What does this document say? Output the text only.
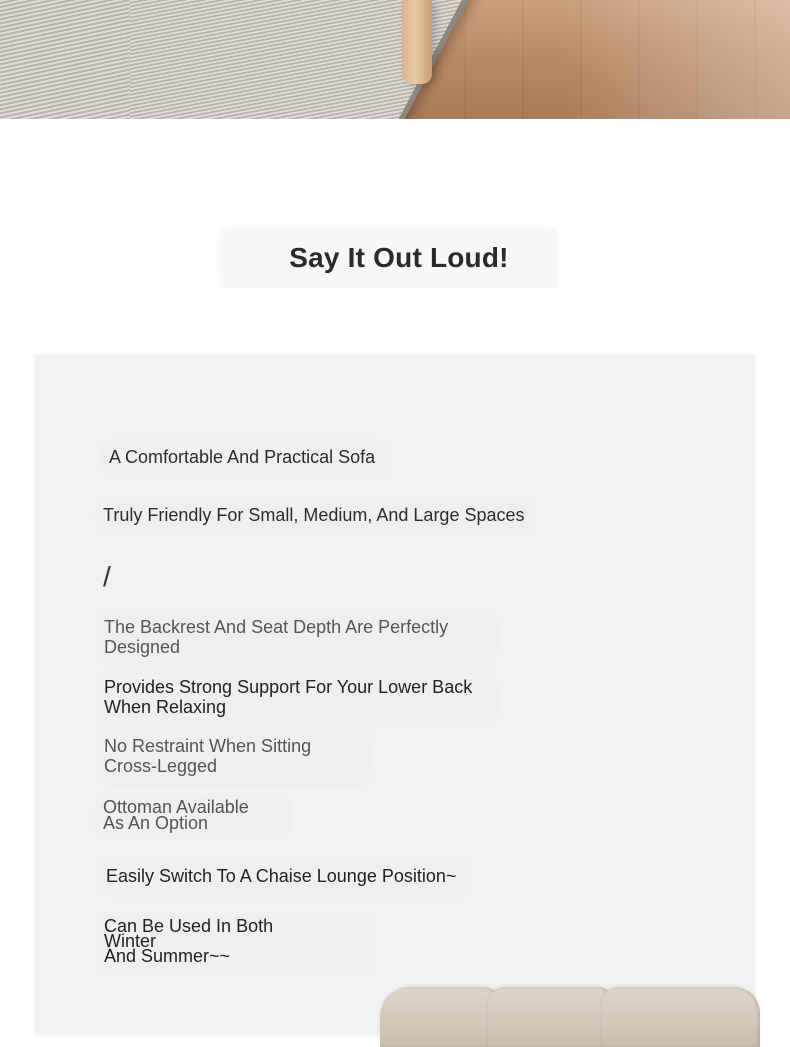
Say It Out Loud!

A Comfortable And Practical Sofa

Truly Friendly For Small, Medium, And Large Spaces

/

The Backrest And Seat Depth Are Perfectly
Designed

Provides Strong Support For Your Lower Back
When Relaxing

No Restraint When Sitting
Cross-Legged

Ottoman Available
As An Option

Easily Switch To A Chaise Lounge Position~

Can Be Used In Both Winter
And Summer~~
